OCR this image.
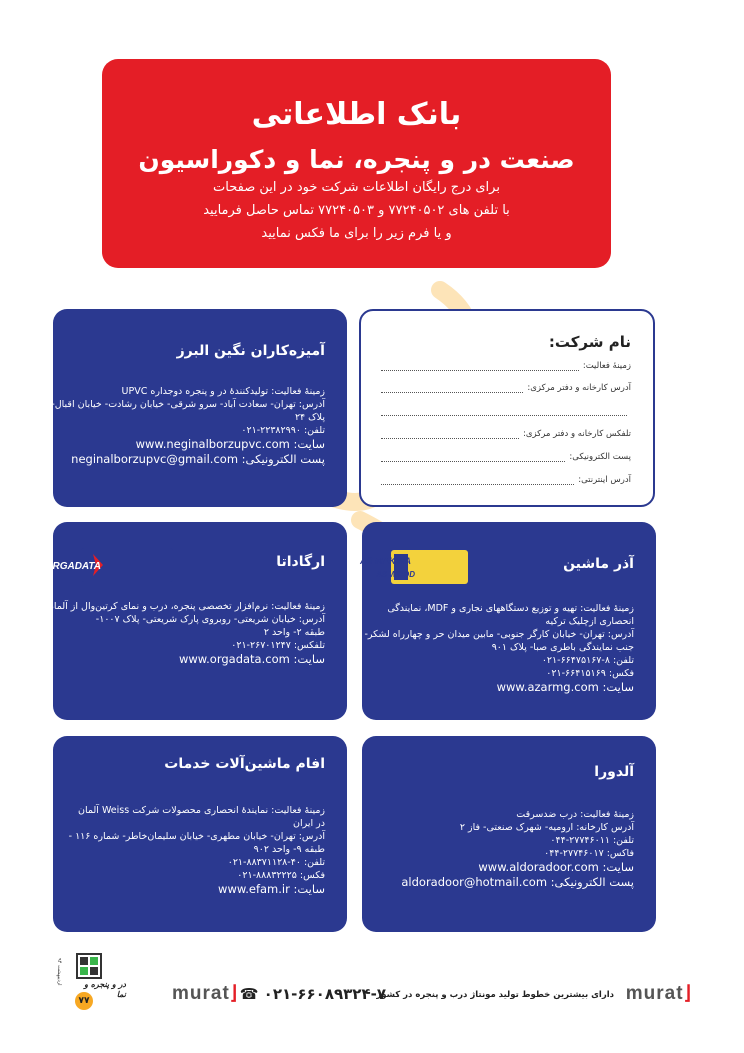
بانک اطلاعاتی
صنعت در و پنجره، نما و دکوراسیون
برای درج رایگان اطلاعات شرکت خود در این صفحات
با تلفن های ۷۷۲۴۰۵۰۲ و ۷۷۲۴۰۵۰۳ تماس حاصل فرمایید
و یا فرم زیر را برای ما فکس نمایید
نام شرکت:
زمینهٔ فعالیت:
آدرس کارخانه و دفتر مرکزی:
تلفکس کارخانه و دفتر مرکزی:
پست الکترونیکی:
آدرس اینترنتی:
آمیزه‌کاران نگین البرز
زمینهٔ فعالیت: تولیدکنندهٔ در و پنجره دوجداره UPVC
آدرس: تهران- سعادت آباد- سرو شرقی- خیابان رشادت- خیابان اقبال-
پلاک ۲۴
تلفن: ۲۲۳۸۲۹۹۰-۰۲۱
سایت: www.neginalborzupvc.com
پست الکترونیکی: neginalborzupvc@gmail.com
ارگاداتا
ORGADATA
زمینهٔ فعالیت: نرم‌افزار تخصصی پنجره، درب و نمای کرتین‌وال از آلمان
آدرس: خیابان شریعتی- روبروی پارک شریعتی- پلاک ۱۰۰۷-
طبقه ۲- واحد ۲
تلفکس: ۲۶۷۰۱۲۴۷-۰۲۱
سایت: www.orgadata.com
آذر ماشین
AS MAKINA
AS WOOD
زمینهٔ فعالیت: تهیه و توزیع دستگاههای نجاری و MDF، نمایندگی
انحصاری ازچلیک ترکیه
آدرس: تهران- خیابان کارگر جنوبی- مابین میدان حر و چهارراه لشکر-
جنب نمایندگی باطری صبا- پلاک ۹۰۱
تلفن: ۸-۶۶۴۷۵۱۶۷-۰۲۱
فکس: ۶۶۴۱۵۱۶۹-۰۲۱
سایت: www.azarmg.com
افام ماشین‌آلات خدمات
زمینهٔ فعالیت: نمایندهٔ انحصاری محصولات شرکت Weiss آلمان
در ایران
آدرس: تهران- خیابان مطهری- خیابان سلیمان‌خاطر- شماره ۱۱۶ -
طبقه ۹- واحد ۹۰۲
تلفن: ۴۰-۸۸۳۷۱۱۲۸-۰۲۱
فکس: ۸۸۸۳۲۲۲۵-۰۲۱
سایت: www.efam.ir
آلدورا
زمینهٔ فعالیت: درب ضدسرقت
آدرس کارخانه: ارومیه- شهرک صنعتی- فاز ۲
تلفن: ۲۷۷۴۶۰۱۱-۰۴۴
فاکس: ۲۷۷۴۶۰۱۷-۰۴۴
سایت: www.aldoradoor.com
پست الکترونیکی: aldoradoor@hotmail.com
murat⌋
دارای بیشترین خطوط تولید مونتاژ درب و پنجره در کشور
☎ ۰۲۱-۶۶۰۸۹۳۲۴-۷
murat⌋
اردیبهشت ۹۴	در و پنجره و نما
۷۷
